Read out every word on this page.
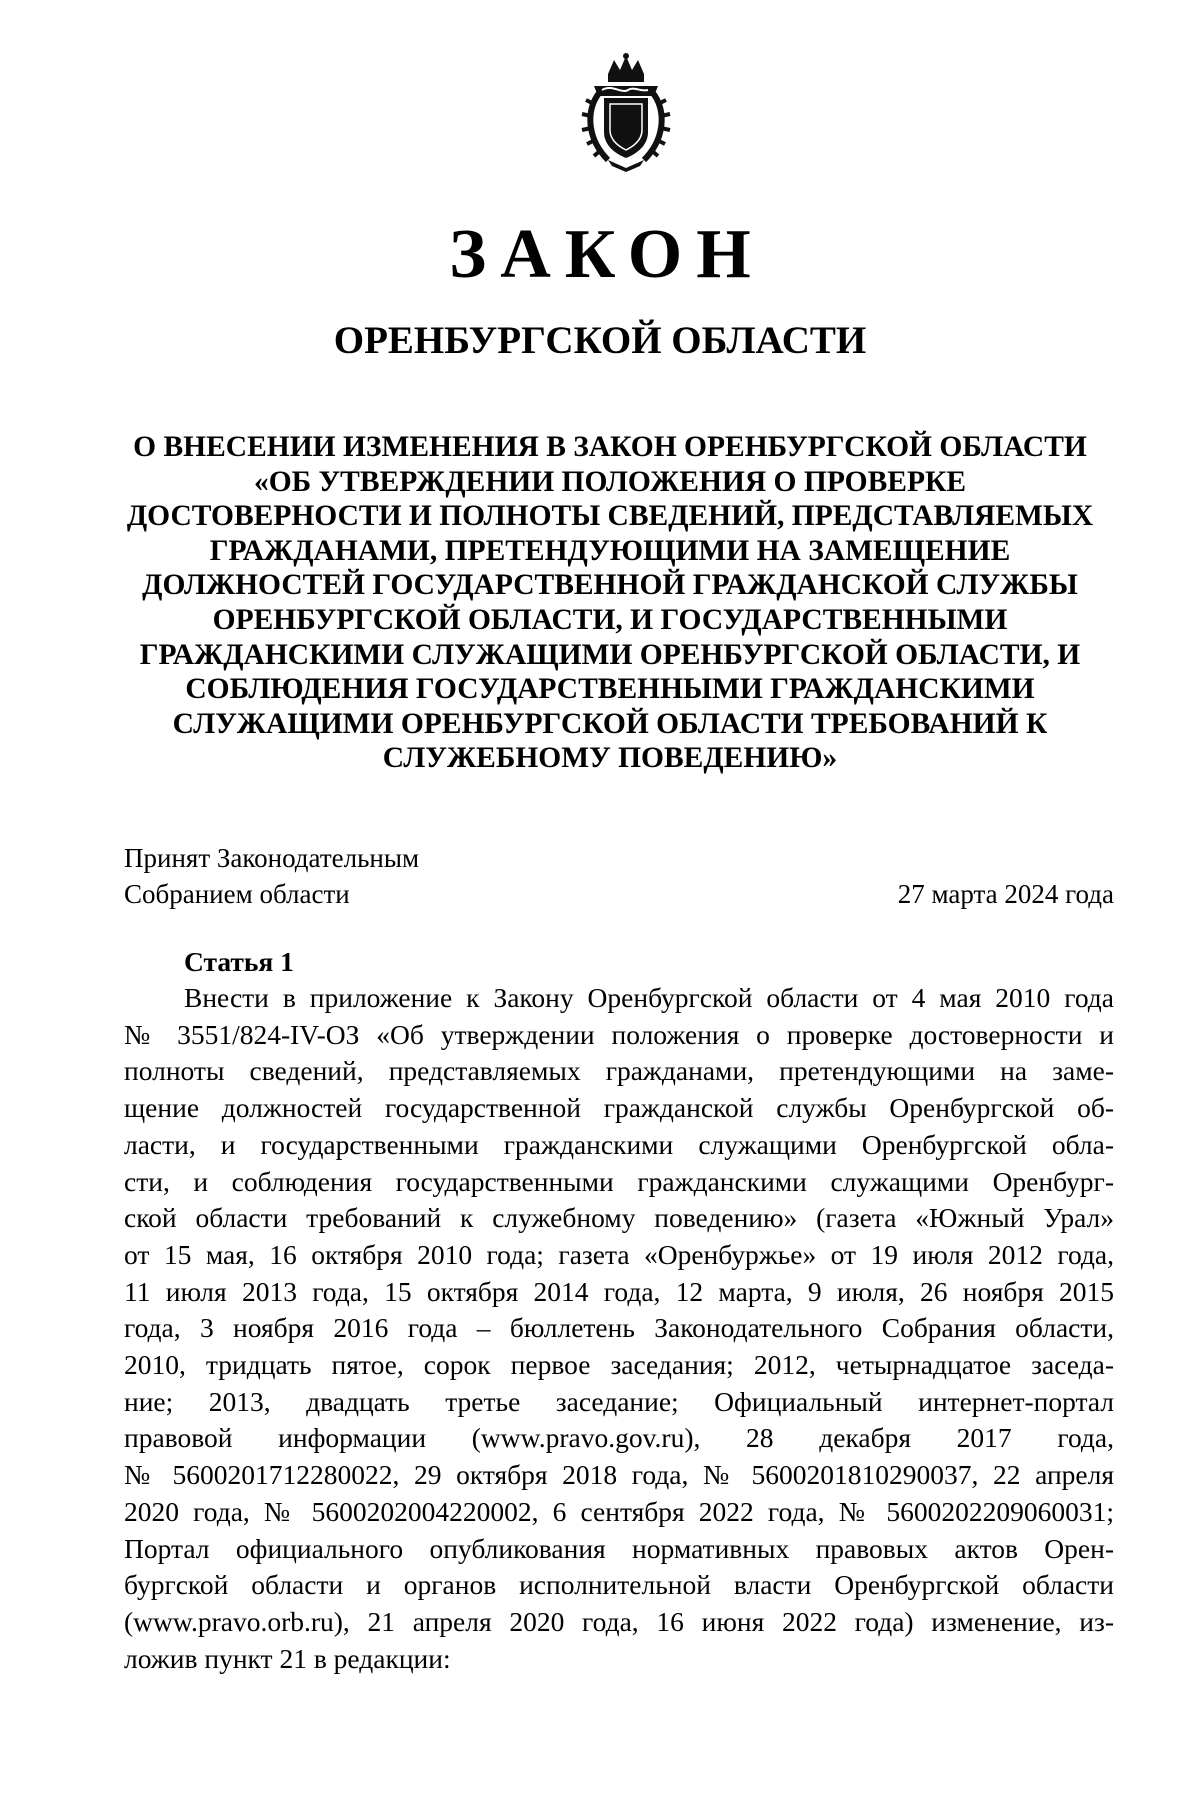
ЗАКОН
ОРЕНБУРГСКОЙ ОБЛАСТИ
О ВНЕСЕНИИ ИЗМЕНЕНИЯ В ЗАКОН ОРЕНБУРГСКОЙ ОБЛАСТИ
«ОБ УТВЕРЖДЕНИИ ПОЛОЖЕНИЯ О ПРОВЕРКЕ
ДОСТОВЕРНОСТИ И ПОЛНОТЫ СВЕДЕНИЙ, ПРЕДСТАВЛЯЕМЫХ
ГРАЖДАНАМИ, ПРЕТЕНДУЮЩИМИ НА ЗАМЕЩЕНИЕ
ДОЛЖНОСТЕЙ ГОСУДАРСТВЕННОЙ ГРАЖДАНСКОЙ СЛУЖБЫ
ОРЕНБУРГСКОЙ ОБЛАСТИ, И ГОСУДАРСТВЕННЫМИ
ГРАЖДАНСКИМИ СЛУЖАЩИМИ ОРЕНБУРГСКОЙ ОБЛАСТИ, И
СОБЛЮДЕНИЯ ГОСУДАРСТВЕННЫМИ ГРАЖДАНСКИМИ
СЛУЖАЩИМИ ОРЕНБУРГСКОЙ ОБЛАСТИ ТРЕБОВАНИЙ К
СЛУЖЕБНОМУ ПОВЕДЕНИЮ»
Принят Законодательным
Собранием области	27 марта 2024 года
Статья 1
Внести в приложение к Закону Оренбургской области от 4 мая 2010 года
№ 3551/824-IV-ОЗ «Об утверждении положения о проверке достоверности и
полноты сведений, представляемых гражданами, претендующими на заме-
щение должностей государственной гражданской службы Оренбургской об-
ласти, и государственными гражданскими служащими Оренбургской обла-
сти, и соблюдения государственными гражданскими служащими Оренбург-
ской области требований к служебному поведению» (газета «Южный Урал»
от 15 мая, 16 октября 2010 года; газета «Оренбуржье» от 19 июля 2012 года,
11 июля 2013 года, 15 октября 2014 года, 12 марта, 9 июля, 26 ноября 2015
года, 3 ноября 2016 года – бюллетень Законодательного Собрания области,
2010, тридцать пятое, сорок первое заседания; 2012, четырнадцатое заседа-
ние; 2013, двадцать третье заседание; Официальный интернет-портал
правовой информации (www.pravo.gov.ru), 28 декабря 2017 года,
№ 5600201712280022, 29 октября 2018 года, № 5600201810290037, 22 апреля
2020 года, № 5600202004220002, 6 сентября 2022 года, № 5600202209060031;
Портал официального опубликования нормативных правовых актов Орен-
бургской области и органов исполнительной власти Оренбургской области
(www.pravo.orb.ru), 21 апреля 2020 года, 16 июня 2022 года) изменение, из-
ложив пункт 21 в редакции:
